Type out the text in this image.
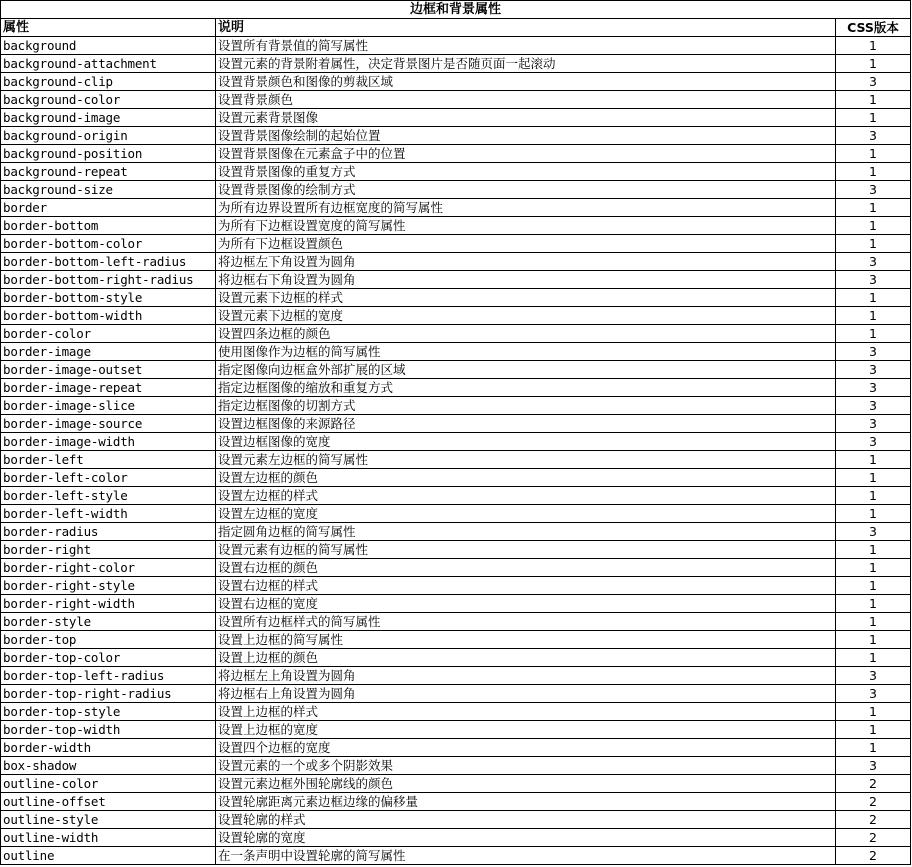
边框和背景属性		
属性	说明	CSS版本
background	设置所有背景值的简写属性	1
background-attachment	设置元素的背景附着属性，决定背景图片是否随页面一起滚动	1
background-clip	设置背景颜色和图像的剪裁区域	3
background-color	设置背景颜色	1
background-image	设置元素背景图像	1
background-origin	设置背景图像绘制的起始位置	3
background-position	设置背景图像在元素盒子中的位置	1
background-repeat	设置背景图像的重复方式	1
background-size	设置背景图像的绘制方式	3
border	为所有边界设置所有边框宽度的简写属性	1
border-bottom	为所有下边框设置宽度的简写属性	1
border-bottom-color	为所有下边框设置颜色	1
border-bottom-left-radius	将边框左下角设置为圆角	3
border-bottom-right-radius	将边框右下角设置为圆角	3
border-bottom-style	设置元素下边框的样式	1
border-bottom-width	设置元素下边框的宽度	1
border-color	设置四条边框的颜色	1
border-image	使用图像作为边框的简写属性	3
border-image-outset	指定图像向边框盒外部扩展的区域	3
border-image-repeat	指定边框图像的缩放和重复方式	3
border-image-slice	指定边框图像的切割方式	3
border-image-source	设置边框图像的来源路径	3
border-image-width	设置边框图像的宽度	3
border-left	设置元素左边框的简写属性	1
border-left-color	设置左边框的颜色	1
border-left-style	设置左边框的样式	1
border-left-width	设置左边框的宽度	1
border-radius	指定圆角边框的简写属性	3
border-right	设置元素有边框的简写属性	1
border-right-color	设置右边框的颜色	1
border-right-style	设置右边框的样式	1
border-right-width	设置右边框的宽度	1
border-style	设置所有边框样式的简写属性	1
border-top	设置上边框的简写属性	1
border-top-color	设置上边框的颜色	1
border-top-left-radius	将边框左上角设置为圆角	3
border-top-right-radius	将边框右上角设置为圆角	3
border-top-style	设置上边框的样式	1
border-top-width	设置上边框的宽度	1
border-width	设置四个边框的宽度	1
box-shadow	设置元素的一个或多个阴影效果	3
outline-color	设置元素边框外围轮廓线的颜色	2
outline-offset	设置轮廓距离元素边框边缘的偏移量	2
outline-style	设置轮廓的样式	2
outline-width	设置轮廓的宽度	2
outline	在一条声明中设置轮廓的简写属性	2
